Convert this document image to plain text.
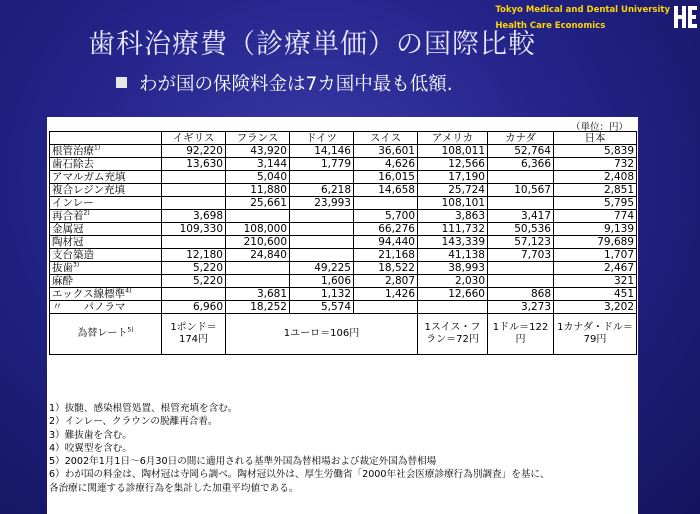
Tokyo Medical and Dental University
Health Care Economics
歯科治療費（診療単価）の国際比較
わが国の保険料金は7カ国中最も低額.
（単位：円）
	イギリス	フランス	ドイツ	スイス	アメリカ	カナダ	日本	
根管治療$^{1)}$	92,220	43,920	14,146	36,601	108,011	52,764	5,839	
歯石除去	13,630	3,144	1,779	4,626	12,566	6,366	732	
アマルガム充填		5,040		16,015	17,190		2,408	
複合レジン充填		11,880	6,218	14,658	25,724	10,567	2,851	
インレー		25,661	23,993		108,101		5,795	
再合着$^{2)}$	3,698			5,700	3,863	3,417	774	
金属冠	109,330	108,000		66,276	111,732	50,536	9,139	
陶材冠		210,600		94,440	143,339	57,123	79,689	
支台築造	12,180	24,840		21,168	41,138	7,703	1,707	
抜歯$^{3)}$	5,220		49,225	18,522	38,993		2,467	
麻酔	5,220		1,606	2,807	2,030		321	
エックス線標準$^{4)}$		3,681	1,132	1,426	12,660	868	451	
〃　　パノラマ	6,960	18,252	5,574			3,273	3,202	
為替レート$^{5)}$	1ポンド＝174円	1ユーロ＝106円			1スイス・フラン＝72円	1ドル＝122円	1カナダ・ドル＝79円	
1）抜髄、感染根管処置、根管充填を含む。
2）インレー、クラウンの脱離再合着。
3）難抜歯を含む。
4）咬翼型を含む。
5）2002年1月1日～6月30日の間に適用される基準外国為替相場および裁定外国為替相場
6）わが国の料金は、陶材冠は寺岡ら調べ。陶材冠以外は、厚生労働省「2000年社会医療診療行為別調査」を基に、
各治療に関連する診療行為を集計した加重平均値である。
